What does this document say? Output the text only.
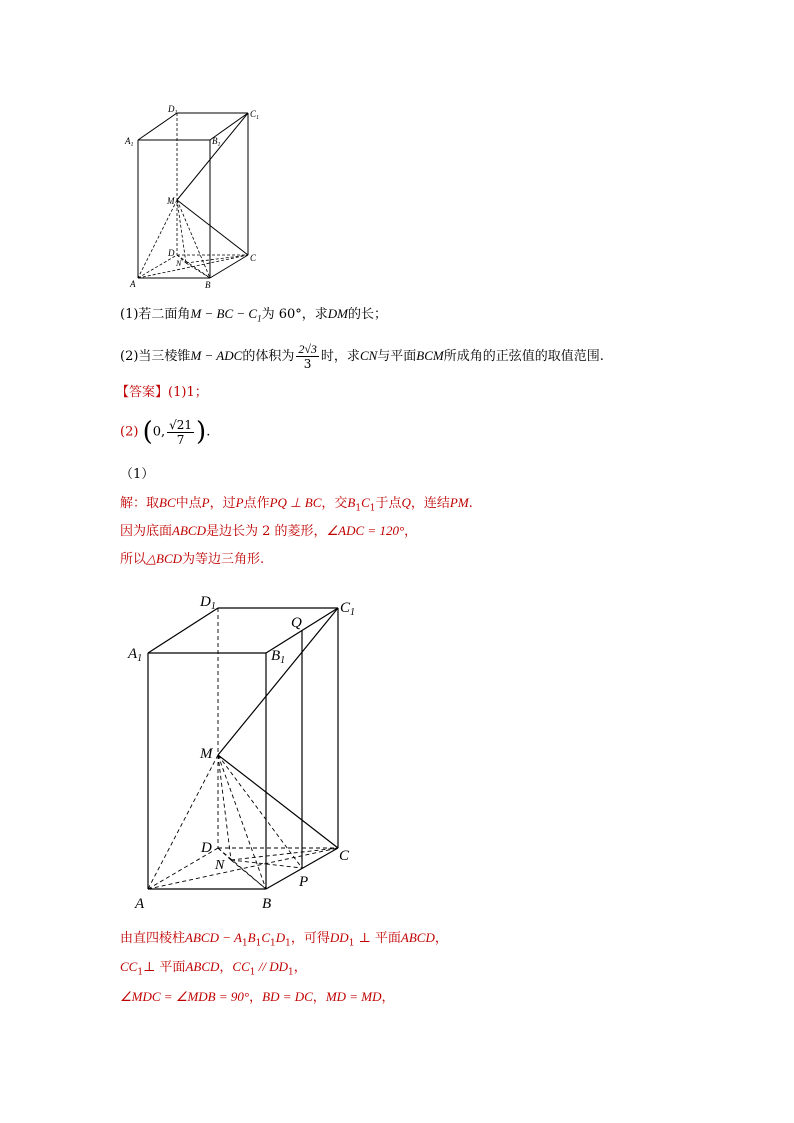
$D_1$	$C_1$
$A_1$	$B_1$
M
D
N
C
A	B
(1)若二面角M − BC − $C_1$为 60°，求DM的长；
(2)当三棱锥M − ADC的体积为 $\frac{2√3}{3}$ 时，求CN与平面BCM所成角的正弦值的取值范围.
【答案】(1)1；
(2) (0, $\frac{√21}{7}$ ).
（1）
解：取BC中点P，过P点作PQ ⊥ BC，交$B_1C_1$于点Q，连结PM.
因为底面ABCD是边长为 2 的菱形，∠ADC = 120°，
所以△BCD为等边三角形.
$D_1$	$C_1$
Q
$A_1$	$B_1$
M
D
N
C
P
A	B
由直四棱柱ABCD − $A_1B_1C_1D_1$，可得$DD_1$ ⊥ 平面ABCD，
$CC_1\perp$ 平面ABCD，$CC_1 // DD_1$，
∠MDC = ∠MDB = 90°，BD = DC，MD = MD，
